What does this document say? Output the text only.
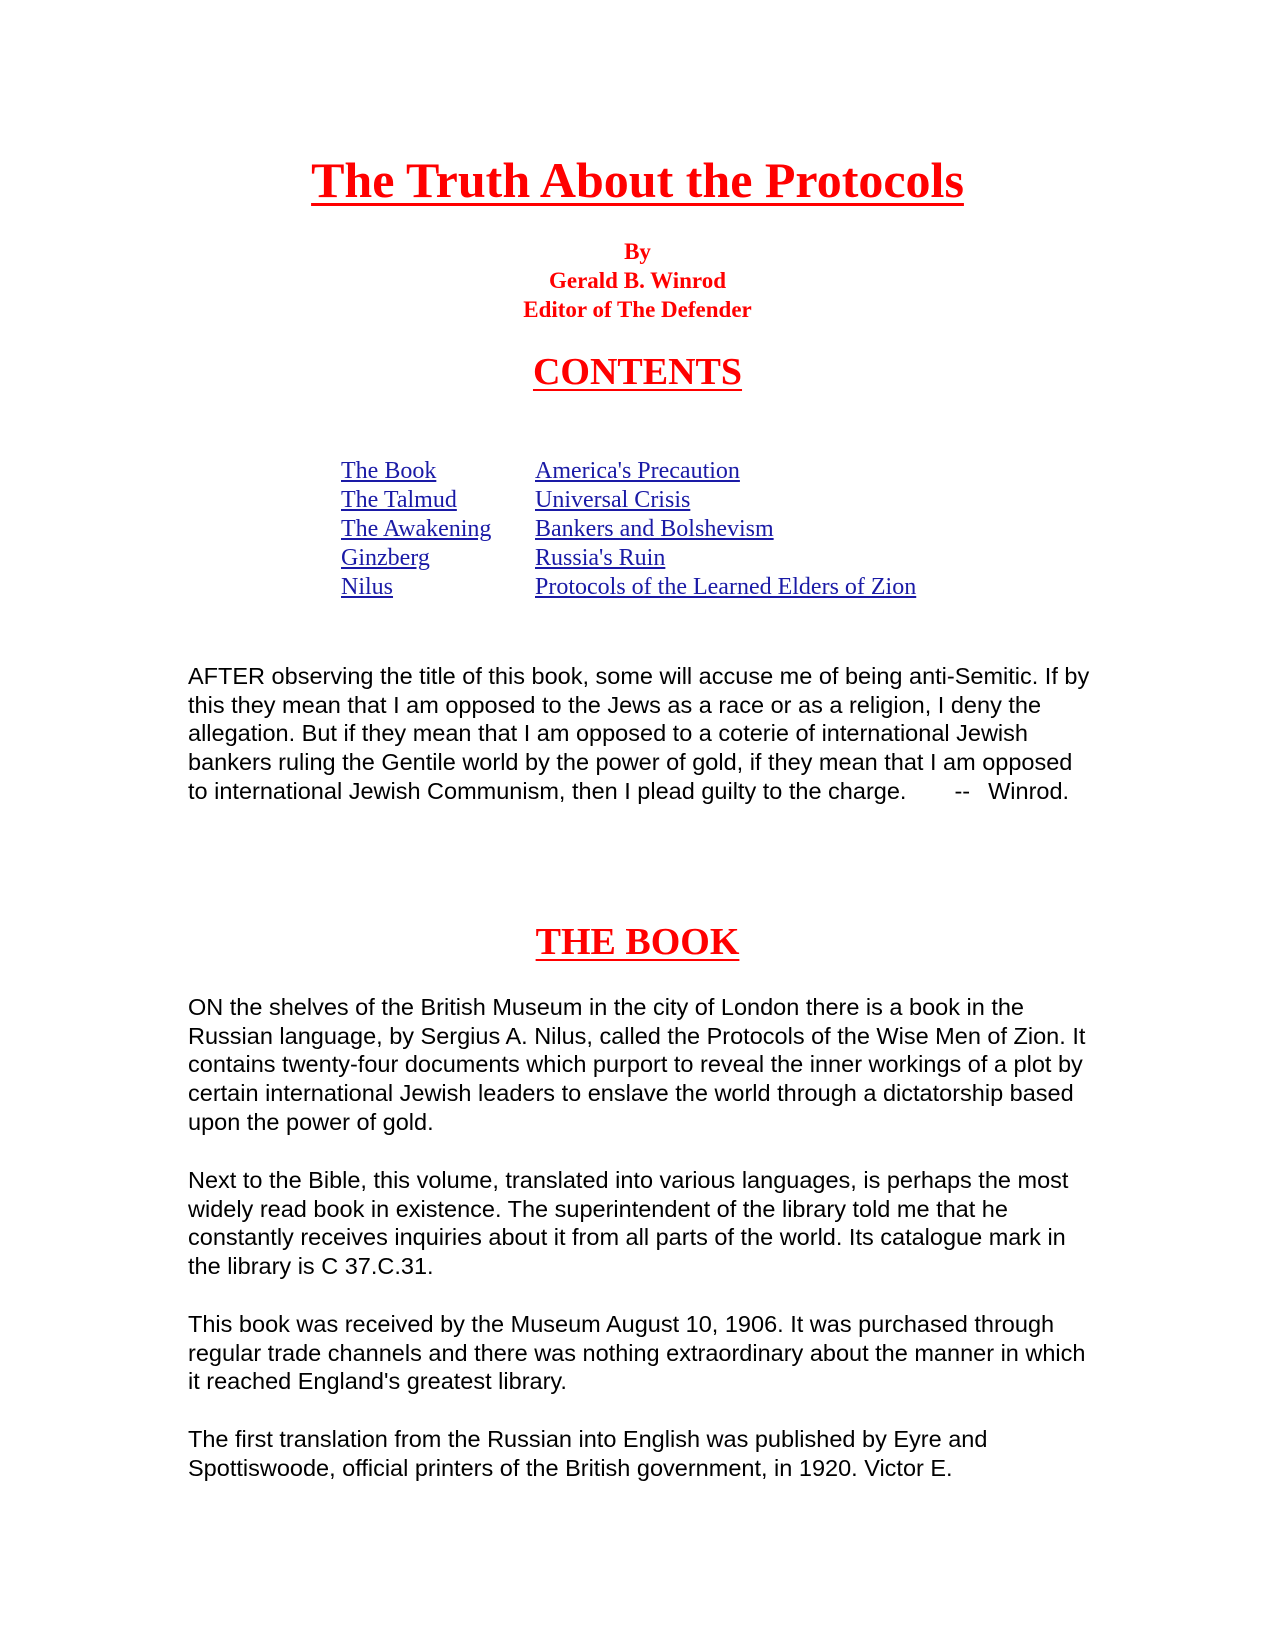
The Truth About the Protocols
By
Gerald B. Winrod
Editor of The Defender
CONTENTS
The Book
The Talmud
The Awakening
Ginzberg
Nilus
America's Precaution
Universal Crisis
Bankers and Bolshevism
Russia's Ruin
Protocols of the Learned Elders of Zion

AFTER observing the title of this book, some will accuse me of being anti-Semitic. If by this they mean that I am opposed to the Jews as a race or as a religion, I deny the allegation. But if they mean that I am opposed to a coterie of international Jewish bankers ruling the Gentile world by the power of gold, if they mean that I am opposed to international Jewish Communism, then I plead guilty to the charge. -- Winrod.

THE BOOK

ON the shelves of the British Museum in the city of London there is a book in the Russian language, by Sergius A. Nilus, called the Protocols of the Wise Men of Zion. It contains twenty-four documents which purport to reveal the inner workings of a plot by certain international Jewish leaders to enslave the world through a dictatorship based upon the power of gold.

Next to the Bible, this volume, translated into various languages, is perhaps the most widely read book in existence. The superintendent of the library told me that he constantly receives inquiries about it from all parts of the world. Its catalogue mark in the library is C 37.C.31.

This book was received by the Museum August 10, 1906. It was purchased through regular trade channels and there was nothing extraordinary about the manner in which it reached England's greatest library.

The first translation from the Russian into English was published by Eyre and Spottiswoode, official printers of the British government, in 1920. Victor E.
